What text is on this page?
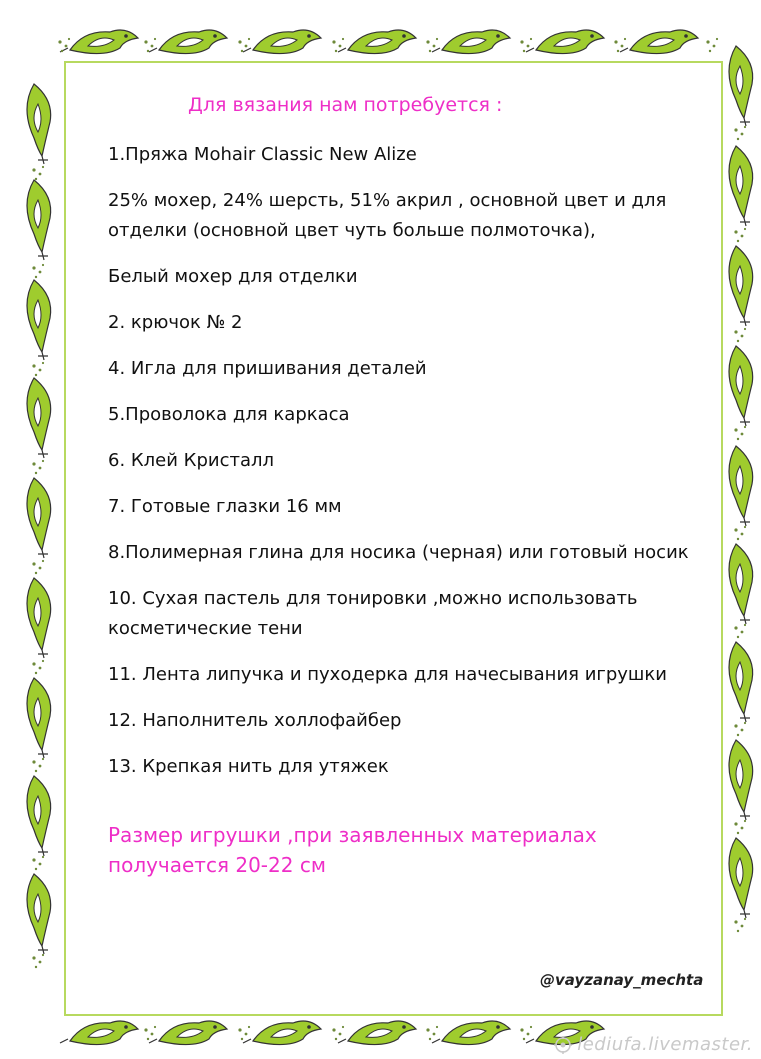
Для вязания нам потребуется :

1.Пряжа Mohair Classic New Alize

25% мохер, 24% шерсть, 51% акрил , основной цвет и для отделки (основной цвет чуть больше полмоточка),

Белый мохер для отделки

2. крючок № 2

4. Игла для пришивания деталей

5.Проволока для каркаса

6. Клей Кристалл

7. Готовые глазки 16 мм

8.Полимерная глина для носика (черная) или готовый носик

10. Сухая пастель для тонировки ,можно использовать косметические тени

11. Лента липучка и пуходерка для начесывания игрушки

12. Наполнитель холлофайбер

13. Крепкая нить для утяжек

Размер игрушки ,при заявленных материалах получается 20-22 см
@vayzanay_mechta
lediufa.livemaster.
